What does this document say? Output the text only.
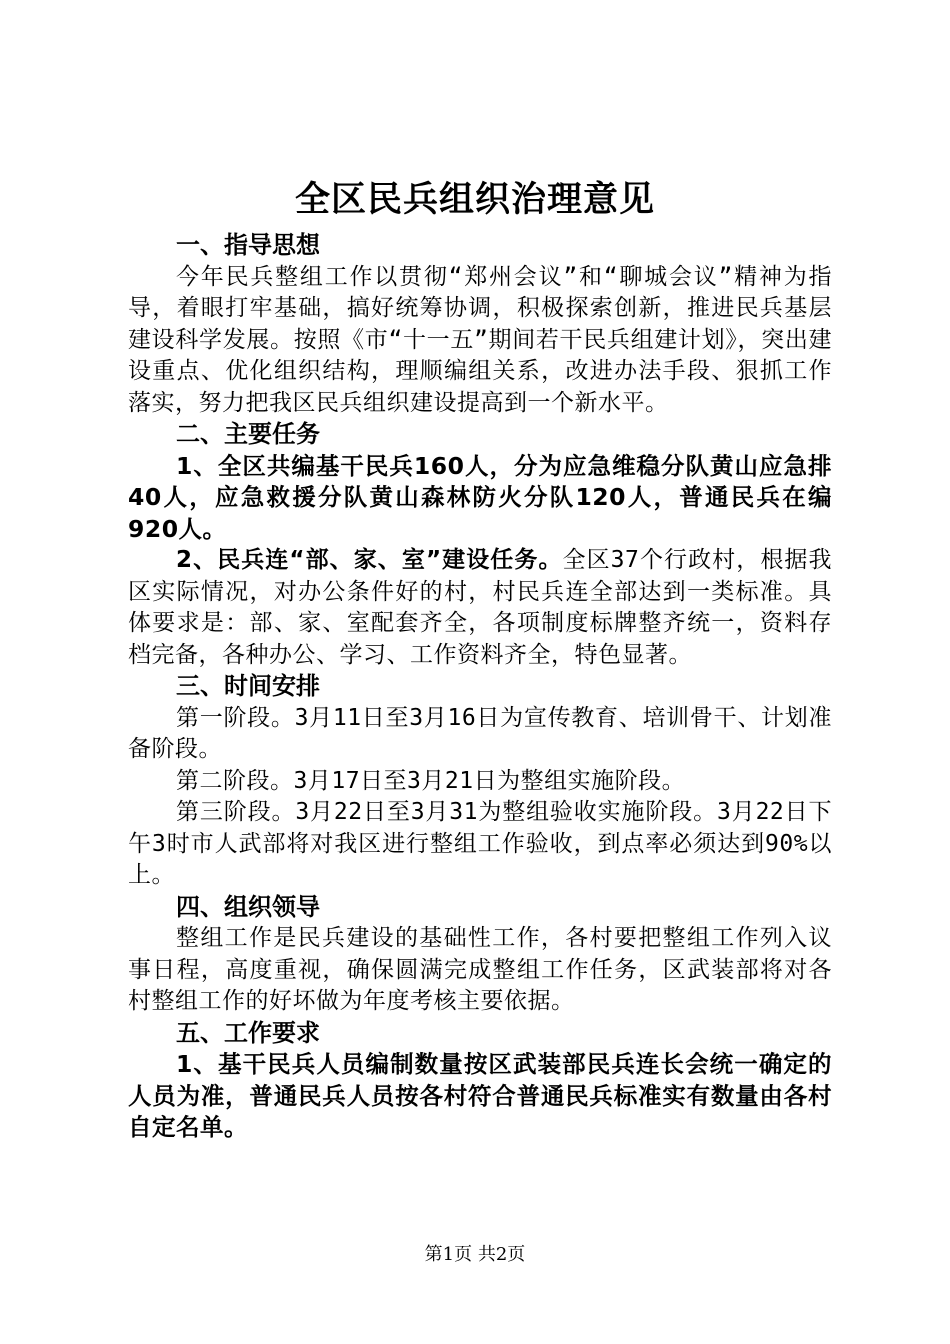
全区民兵组织治理意见

一、指导思想

今年民兵整组工作以贯彻“郑州会议”和“聊城会议”精神为指导，着眼打牢基础，搞好统筹协调，积极探索创新，推进民兵基层建设科学发展。按照《市“十一五”期间若干民兵组建计划》，突出建设重点、优化组织结构，理顺编组关系，改进办法手段、狠抓工作落实，努力把我区民兵组织建设提高到一个新水平。

二、主要任务

1、全区共编基干民兵160人，分为应急维稳分队黄山应急排40人，应急救援分队黄山森林防火分队120人，普通民兵在编920人。

2、民兵连“部、家、室”建设任务。全区37个行政村，根据我区实际情况，对办公条件好的村，村民兵连全部达到一类标准。具体要求是：部、家、室配套齐全，各项制度标牌整齐统一，资料存档完备，各种办公、学习、工作资料齐全，特色显著。

三、时间安排

第一阶段。3月11日至3月16日为宣传教育、培训骨干、计划准备阶段。

第二阶段。3月17日至3月21日为整组实施阶段。

第三阶段。3月22日至3月31为整组验收实施阶段。3月22日下午3时市人武部将对我区进行整组工作验收，到点率必须达到90%以上。

四、组织领导

整组工作是民兵建设的基础性工作，各村要把整组工作列入议事日程，高度重视，确保圆满完成整组工作任务，区武装部将对各村整组工作的好坏做为年度考核主要依据。

五、工作要求

1、基干民兵人员编制数量按区武装部民兵连长会统一确定的人员为准，普通民兵人员按各村符合普通民兵标准实有数量由各村自定名单。

第1页 共2页
